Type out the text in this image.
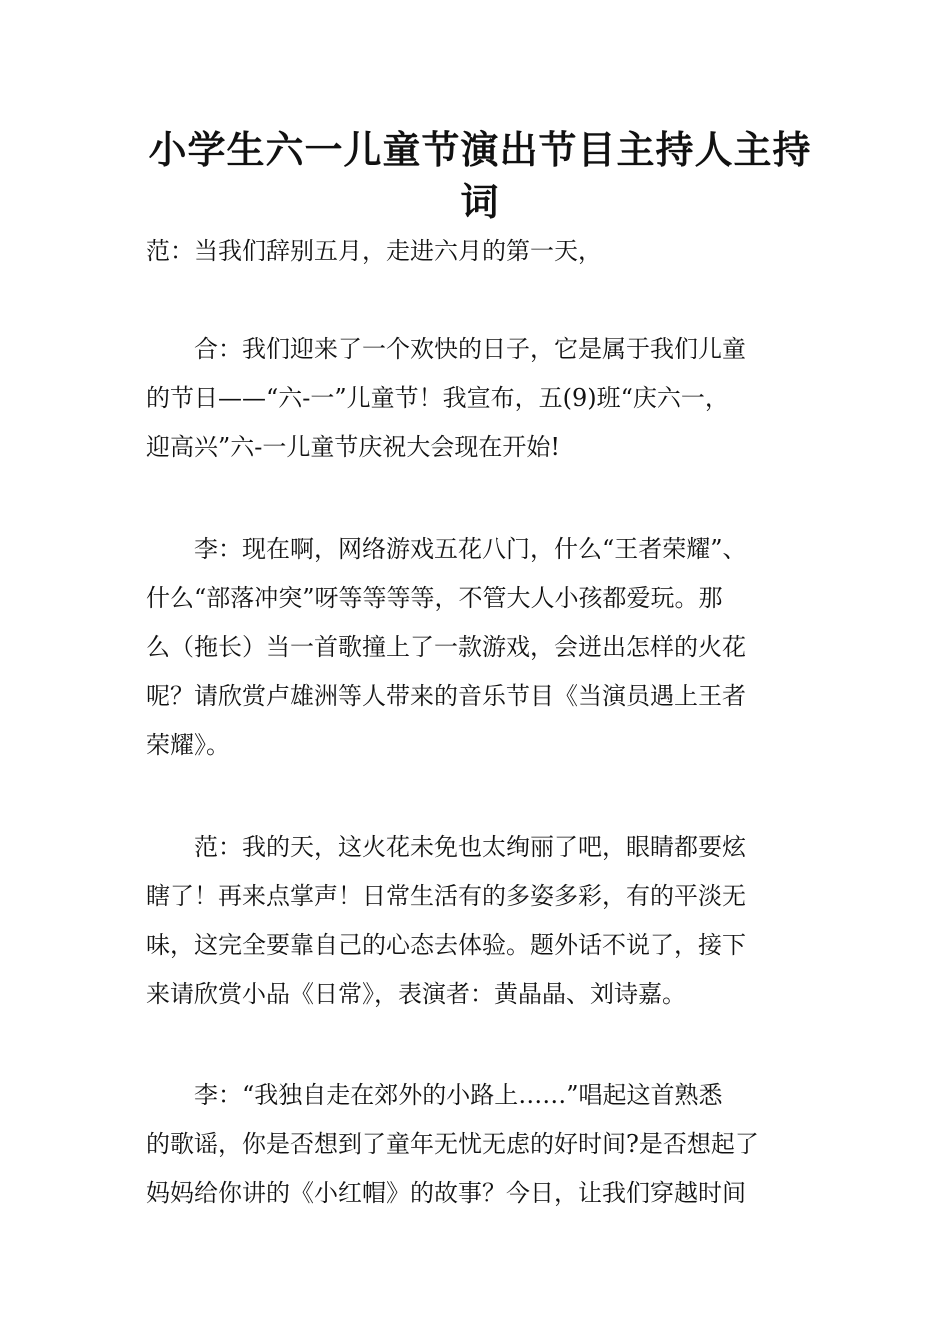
小学生六一儿童节演出节目主持人主持
词
范：当我们辞别五月，走进六月的第一天，
　　合：我们迎来了一个欢快的日子，它是属于我们儿童
的节日——“六-一”儿童节！我宣布，五(9)班“庆六一，
迎高兴”六-一儿童节庆祝大会现在开始!
　　李：现在啊，网络游戏五花八门，什么“王者荣耀”、
什么“部落冲突”呀等等等等，不管大人小孩都爱玩。那
么（拖长）当一首歌撞上了一款游戏，会迸出怎样的火花
呢？请欣赏卢雄洲等人带来的音乐节目《当演员遇上王者
荣耀》。
　　范：我的天，这火花未免也太绚丽了吧，眼睛都要炫
瞎了！再来点掌声！日常生活有的多姿多彩，有的平淡无
味，这完全要靠自己的心态去体验。题外话不说了，接下
来请欣赏小品《日常》，表演者：黄晶晶、刘诗嘉。
　　李：“我独自走在郊外的小路上……”唱起这首熟悉
的歌谣，你是否想到了童年无忧无虑的好时间?是否想起了
妈妈给你讲的《小红帽》的故事？今日，让我们穿越时间
